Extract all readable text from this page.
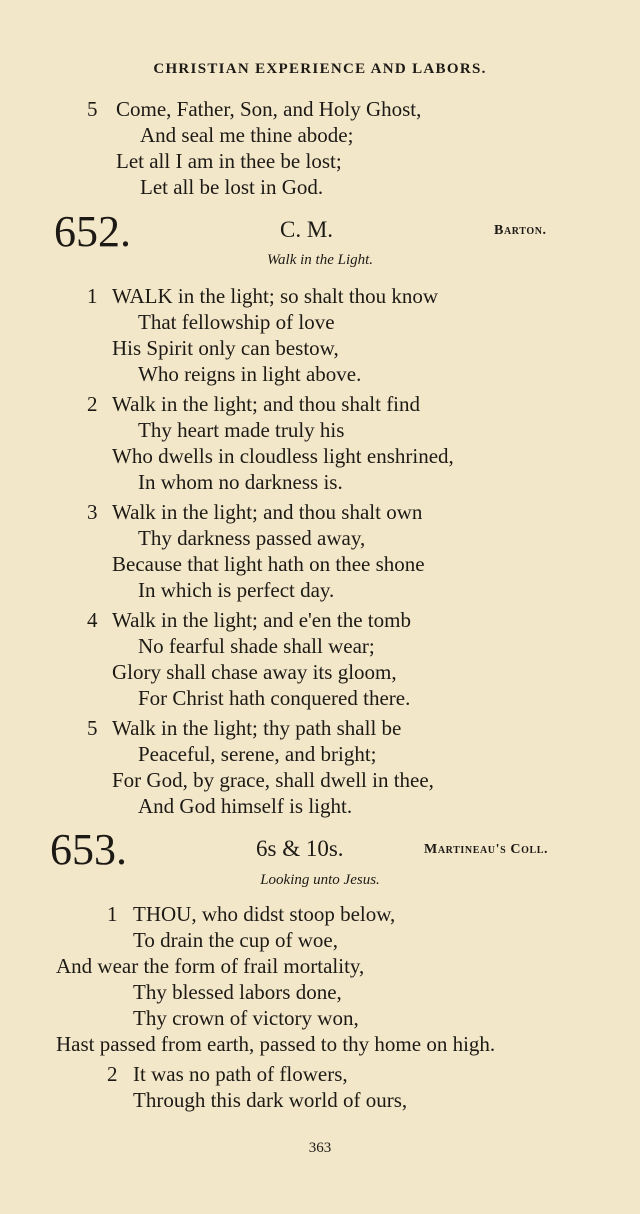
CHRISTIAN EXPERIENCE AND LABORS.
5 Come, Father, Son, and Holy Ghost,
And seal me thine abode;
Let all I am in thee be lost;
Let all be lost in God.
652.	C. M.	Barton.
Walk in the Light.
1 WALK in the light; so shalt thou know
That fellowship of love
His Spirit only can bestow,
Who reigns in light above.
2 Walk in the light; and thou shalt find
Thy heart made truly his
Who dwells in cloudless light enshrined,
In whom no darkness is.
3 Walk in the light; and thou shalt own
Thy darkness passed away,
Because that light hath on thee shone
In which is perfect day.
4 Walk in the light; and e'en the tomb
No fearful shade shall wear;
Glory shall chase away its gloom,
For Christ hath conquered there.
5 Walk in the light; thy path shall be
Peaceful, serene, and bright;
For God, by grace, shall dwell in thee,
And God himself is light.
653.	6s & 10s.	Martineau's Coll.
Looking unto Jesus.
1 THOU, who didst stoop below,
To drain the cup of woe,
And wear the form of frail mortality,
Thy blessed labors done,
Thy crown of victory won,
Hast passed from earth, passed to thy home on high.
2 It was no path of flowers,
Through this dark world of ours,
363
